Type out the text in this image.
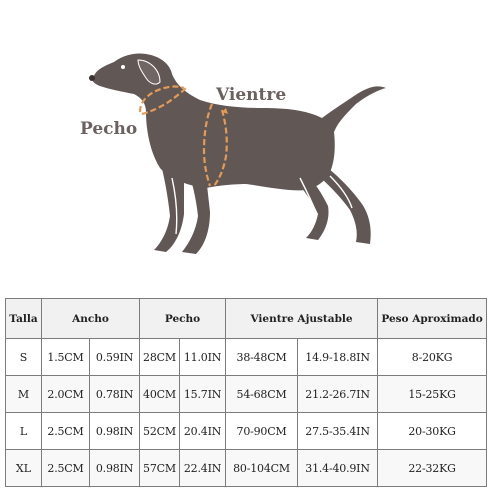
Pecho
Vientre
Talla	Ancho		Pecho		Vientre Ajustable		Peso Aproximado
S	1.5CM	0.59IN	28CM	11.0IN	38-48CM	14.9-18.8IN	8-20KG
M	2.0CM	0.78IN	40CM	15.7IN	54-68CM	21.2-26.7IN	15-25KG
L	2.5CM	0.98IN	52CM	20.4IN	70-90CM	27.5-35.4IN	20-30KG
XL	2.5CM	0.98IN	57CM	22.4IN	80-104CM	31.4-40.9IN	22-32KG
